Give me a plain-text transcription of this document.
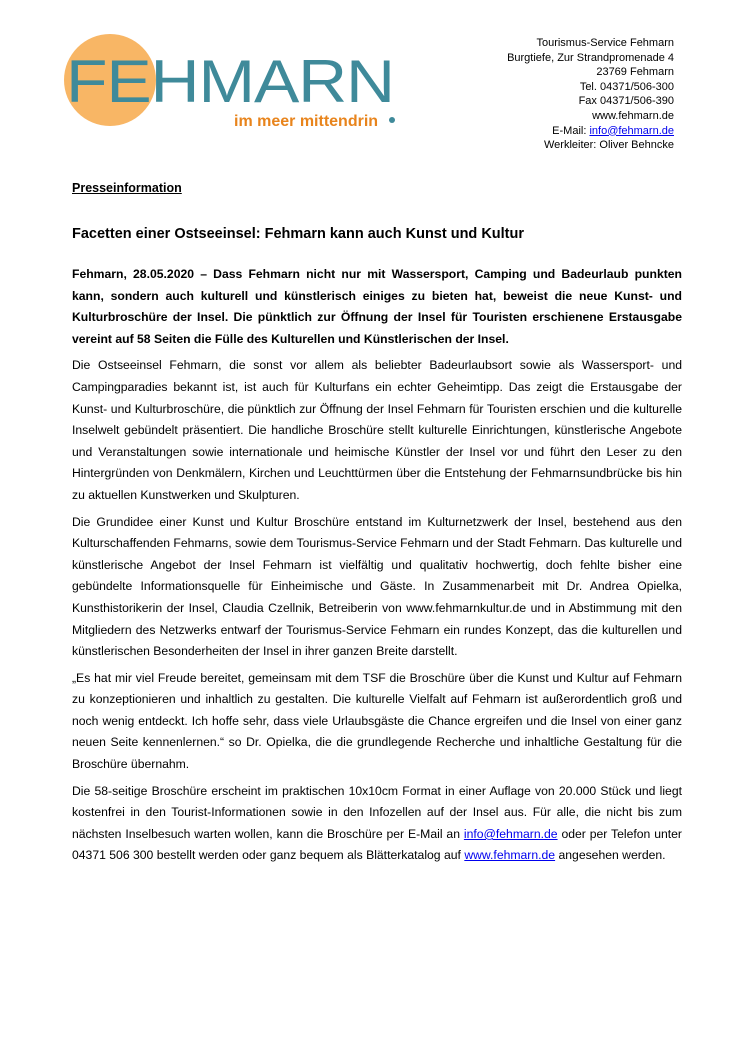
FEHMARN
im meer mittendrin
Tourismus-Service Fehmarn
Burgtiefe, Zur Strandpromenade 4
23769 Fehmarn
Tel. 04371/506-300
Fax 04371/506-390
www.fehmarn.de
E-Mail: info@fehmarn.de
Werkleiter: Oliver Behncke
Presseinformation
Facetten einer Ostseeinsel: Fehmarn kann auch Kunst und Kultur

Fehmarn, 28.05.2020 – Dass Fehmarn nicht nur mit Wassersport, Camping und Badeurlaub punkten kann, sondern auch kulturell und künstlerisch einiges zu bieten hat, beweist die neue Kunst- und Kulturbroschüre der Insel. Die pünktlich zur Öffnung der Insel für Touristen erschienene Erstausgabe vereint auf 58 Seiten die Fülle des Kulturellen und Künstlerischen der Insel.

Die Ostseeinsel Fehmarn, die sonst vor allem als beliebter Badeurlaubsort sowie als Wassersport- und Campingparadies bekannt ist, ist auch für Kulturfans ein echter Geheimtipp. Das zeigt die Erstausgabe der Kunst- und Kulturbroschüre, die pünktlich zur Öffnung der Insel Fehmarn für Touristen erschien und die kulturelle Inselwelt gebündelt präsentiert. Die handliche Broschüre stellt kulturelle Einrichtungen, künstlerische Angebote und Veranstaltungen sowie internationale und heimische Künstler der Insel vor und führt den Leser zu den Hintergründen von Denkmälern, Kirchen und Leuchttürmen über die Entstehung der Fehmarnsundbrücke bis hin zu aktuellen Kunstwerken und Skulpturen.

Die Grundidee einer Kunst und Kultur Broschüre entstand im Kulturnetzwerk der Insel, bestehend aus den Kulturschaffenden Fehmarns, sowie dem Tourismus-Service Fehmarn und der Stadt Fehmarn. Das kulturelle und künstlerische Angebot der Insel Fehmarn ist vielfältig und qualitativ hochwertig, doch fehlte bisher eine gebündelte Informationsquelle für Einheimische und Gäste. In Zusammenarbeit mit Dr. Andrea Opielka, Kunsthistorikerin der Insel, Claudia Czellnik, Betreiberin von www.fehmarnkultur.de und in Abstimmung mit den Mitgliedern des Netzwerks entwarf der Tourismus-Service Fehmarn ein rundes Konzept, das die kulturellen und künstlerischen Besonderheiten der Insel in ihrer ganzen Breite darstellt.

„Es hat mir viel Freude bereitet, gemeinsam mit dem TSF die Broschüre über die Kunst und Kultur auf Fehmarn zu konzeptionieren und inhaltlich zu gestalten. Die kulturelle Vielfalt auf Fehmarn ist außerordentlich groß und noch wenig entdeckt. Ich hoffe sehr, dass viele Urlaubsgäste die Chance ergreifen und die Insel von einer ganz neuen Seite kennenlernen.“ so Dr. Opielka, die die grundlegende Recherche und inhaltliche Gestaltung für die Broschüre übernahm.

Die 58-seitige Broschüre erscheint im praktischen 10x10cm Format in einer Auflage von 20.000 Stück und liegt kostenfrei in den Tourist-Informationen sowie in den Infozellen auf der Insel aus. Für alle, die nicht bis zum nächsten Inselbesuch warten wollen, kann die Broschüre per E-Mail an info@fehmarn.de oder per Telefon unter 04371 506 300 bestellt werden oder ganz bequem als Blätterkatalog auf www.fehmarn.de angesehen werden.
